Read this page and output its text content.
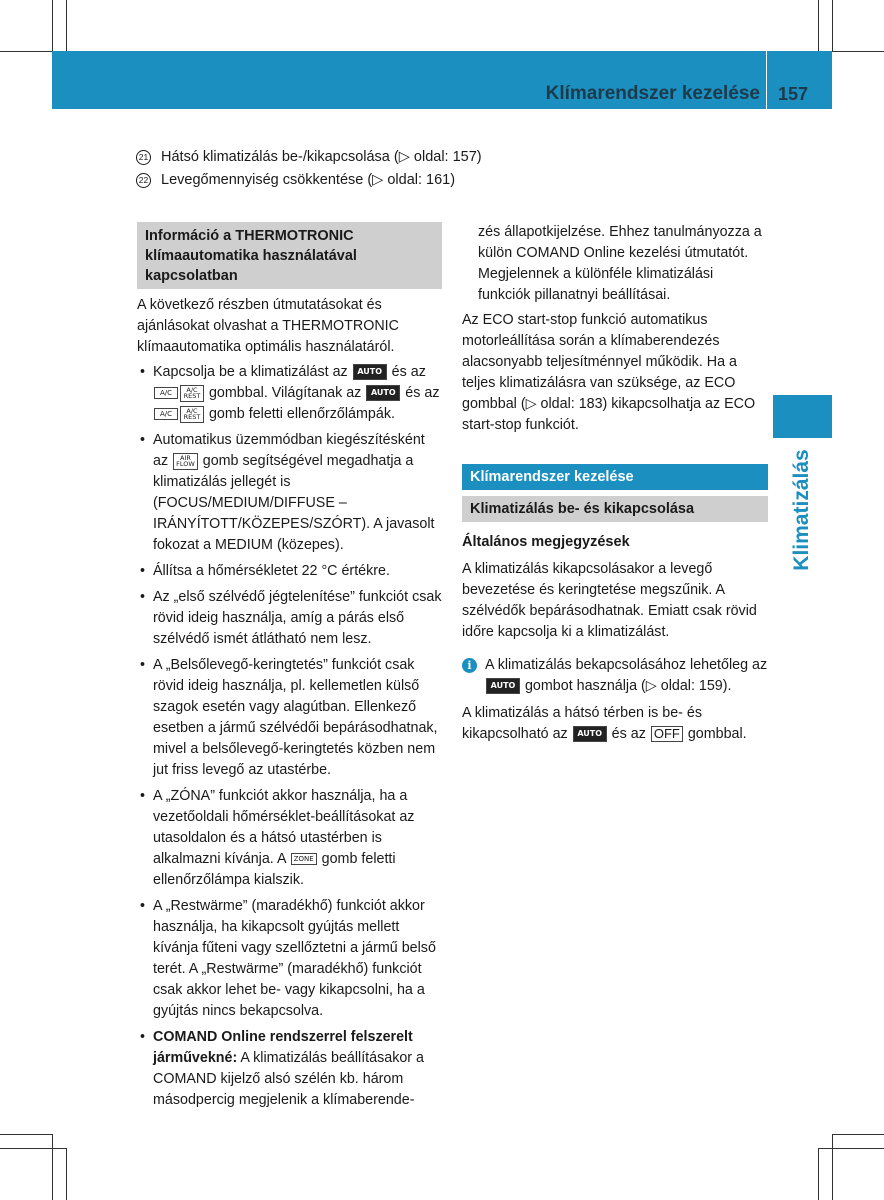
Klímarendszer kezelése 157
Klimatizálás
21 Hátsó klimatizálás be-/kikapcsolása (▷ oldal: 157)
22 Levegőmennyiség csökkentése (▷ oldal: 161)
Információ a THERMOTRONIC klímaautomatika használatával kapcsolatban

A következő részben útmutatásokat és ajánlásokat olvashat a THERMOTRONIC klímaautomatika optimális használatáról.

• Kapcsolja be a klimatizálást az AUTO és az A/C A/C
REST gombbal. Világítanak az AUTO és az A/C A/C
REST gomb feletti ellenőrzőlámpák.
• Automatikus üzemmódban kiegészítésként az AIR
FLOW gomb segítségével megadhatja a klimatizálás jellegét is (FOCUS/MEDIUM/DIFFUSE – IRÁNYÍTOTT/KÖZEPES/SZÓRT). A javasolt fokozat a MEDIUM (közepes).
• Állítsa a hőmérsékletet 22 °C értékre.
• Az „első szélvédő jégtelenítése” funkciót csak rövid ideig használja, amíg a párás első szélvédő ismét átlátható nem lesz.
• A „Belsőlevegő-keringtetés” funkciót csak rövid ideig használja, pl. kellemetlen külső szagok esetén vagy alagútban. Ellenkező esetben a jármű szélvédői bepárásodhatnak, mivel a belsőlevegő-keringtetés közben nem jut friss levegő az utastérbe.
• A „ZÓNA” funkciót akkor használja, ha a vezetőoldali hőmérséklet-beállításokat az utasoldalon és a hátsó utastérben is alkalmazni kívánja. A ZONE gomb feletti ellenőrzőlámpa kialszik.
• A „Restwärme” (maradékhő) funkciót akkor használja, ha kikapcsolt gyújtás mellett kívánja fűteni vagy szellőztetni a jármű belső terét. A „Restwärme” (maradékhő) funkciót csak akkor lehet be- vagy kikapcsolni, ha a gyújtás nincs bekapcsolva.
• COMAND Online rendszerrel felszerelt járművekné: A klimatizálás beállításakor a COMAND kijelző alsó szélén kb. három másodpercig megjelenik a klímaberende-

zés állapotkijelzése. Ehhez tanulmányozza a külön COMAND Online kezelési útmutatót. Megjelennek a különféle klimatizálási funkciók pillanatnyi beállításai.

Az ECO start-stop funkció automatikus motorleállítása során a klímaberendezés alacsonyabb teljesítménnyel működik. Ha a teljes klimatizálásra van szüksége, az ECO gombbal (▷ oldal: 183) kikapcsolhatja az ECO start-stop funkciót.

Klímarendszer kezelése
Klimatizálás be- és kikapcsolása
Általános megjegyzések

A klimatizálás kikapcsolásakor a levegő bevezetése és keringtetése megszűnik. A szélvédők bepárásodhatnak. Emiatt csak rövid időre kapcsolja ki a klimatizálást.

i A klimatizálás bekapcsolásához lehetőleg az AUTO gombot használja (▷ oldal: 159).

A klimatizálás a hátsó térben is be- és kikapcsolható az AUTO és az OFF gombbal.
